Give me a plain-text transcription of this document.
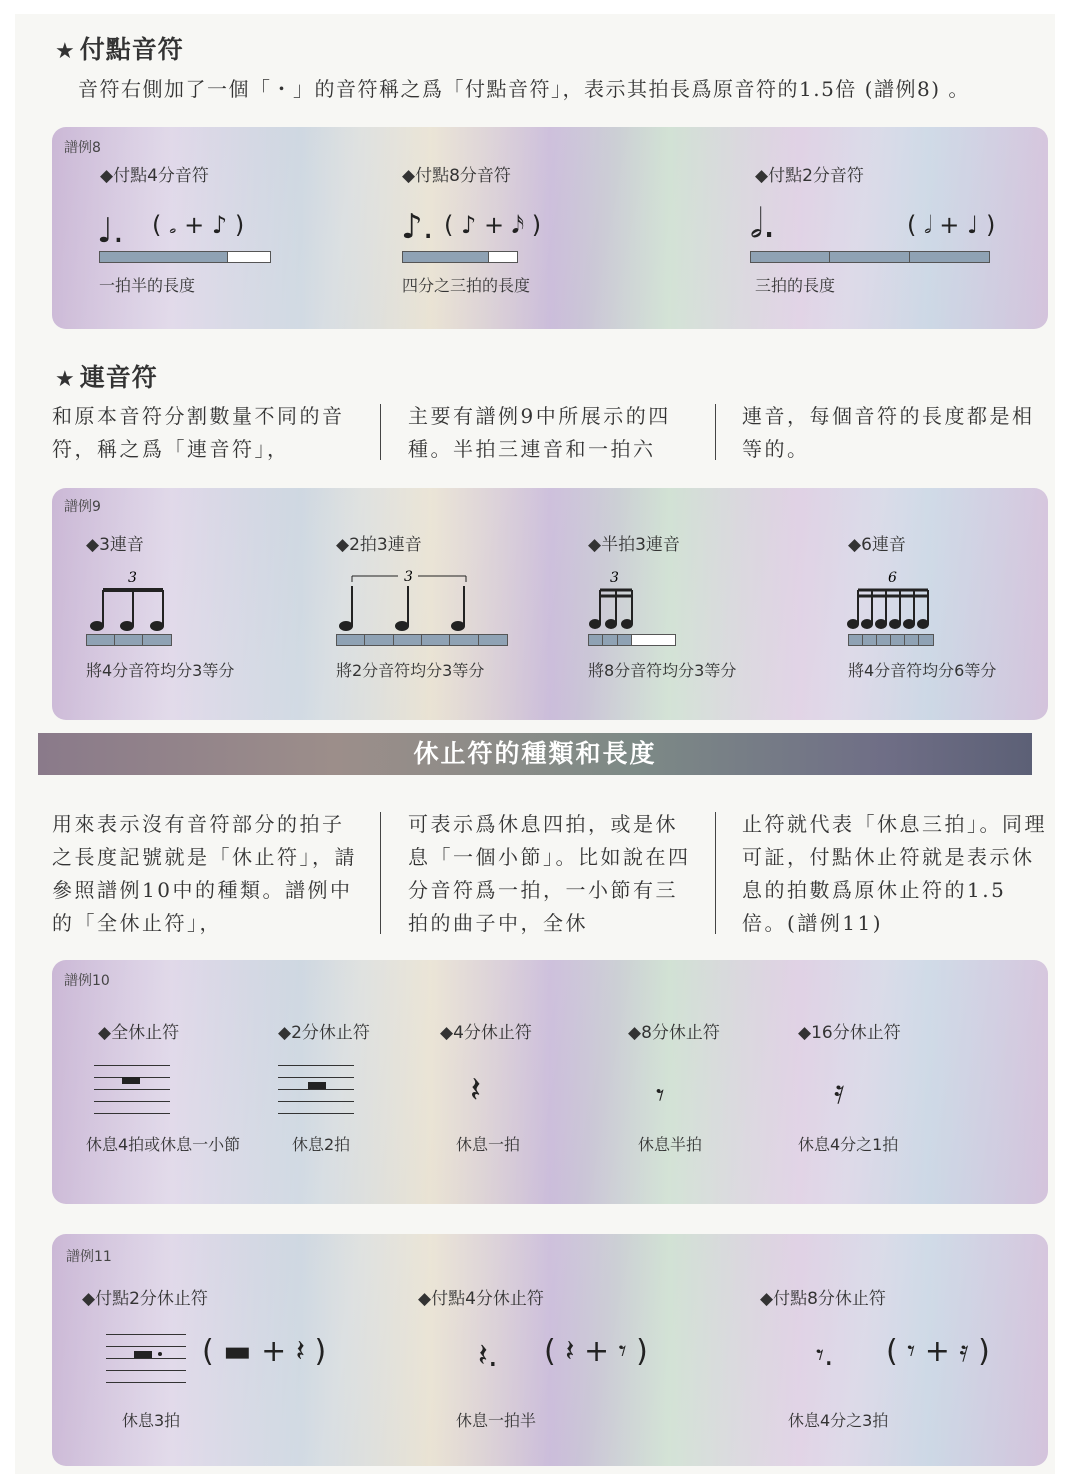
★ 付點音符
音符右側加了一個「・」的音符稱之爲「付點音符」，表示其拍長爲原音符的1.5倍 (譜例8) 。
譜例8
◆付點4分音符
♩. ( 𝅗 + ♪ )
一拍半的長度
◆付點8分音符
♪. ( ♪ + 𝅘𝅥𝅯 )
四分之三拍的長度
◆付點2分音符
𝅗𝅥.	( 𝅗𝅥 + ♩ )
三拍的長度
★ 連音符
和原本音符分割數量不同的音符，稱之爲「連音符」，
主要有譜例9中所展示的四種。半拍三連音和一拍六
連音，每個音符的長度都是相等的。
譜例9
◆3連音
3
將4分音符均分3等分
◆2拍3連音
3
將2分音符均分3等分
◆半拍3連音
3
將8分音符均分3等分
◆6連音
6
將4分音符均分6等分
休止符的種類和長度
用來表示沒有音符部分的拍子之長度記號就是「休止符」，請參照譜例10中的種類。譜例中的「全休止符」，
可表示爲休息四拍，或是休息「一個小節」。比如說在四分音符爲一拍，一小節有三拍的曲子中，全休
止符就代表「休息三拍」。同理可証，付點休止符就是表示休息的拍數爲原休止符的1.5倍。(譜例11)
譜例10
◆全休止符
休息4拍或休息一小節
◆2分休止符
休息2拍
◆4分休止符
𝄽
休息一拍
◆8分休止符
𝄾
休息半拍
◆16分休止符
𝄿
休息4分之1拍
譜例11
◆付點2分休止符
( ▬ + 𝄽 )
休息3拍
◆付點4分休止符
𝄽. ( 𝄽 + 𝄾 )
休息一拍半
◆付點8分休止符
𝄾. ( 𝄾 + 𝄿 )
休息4分之3拍
